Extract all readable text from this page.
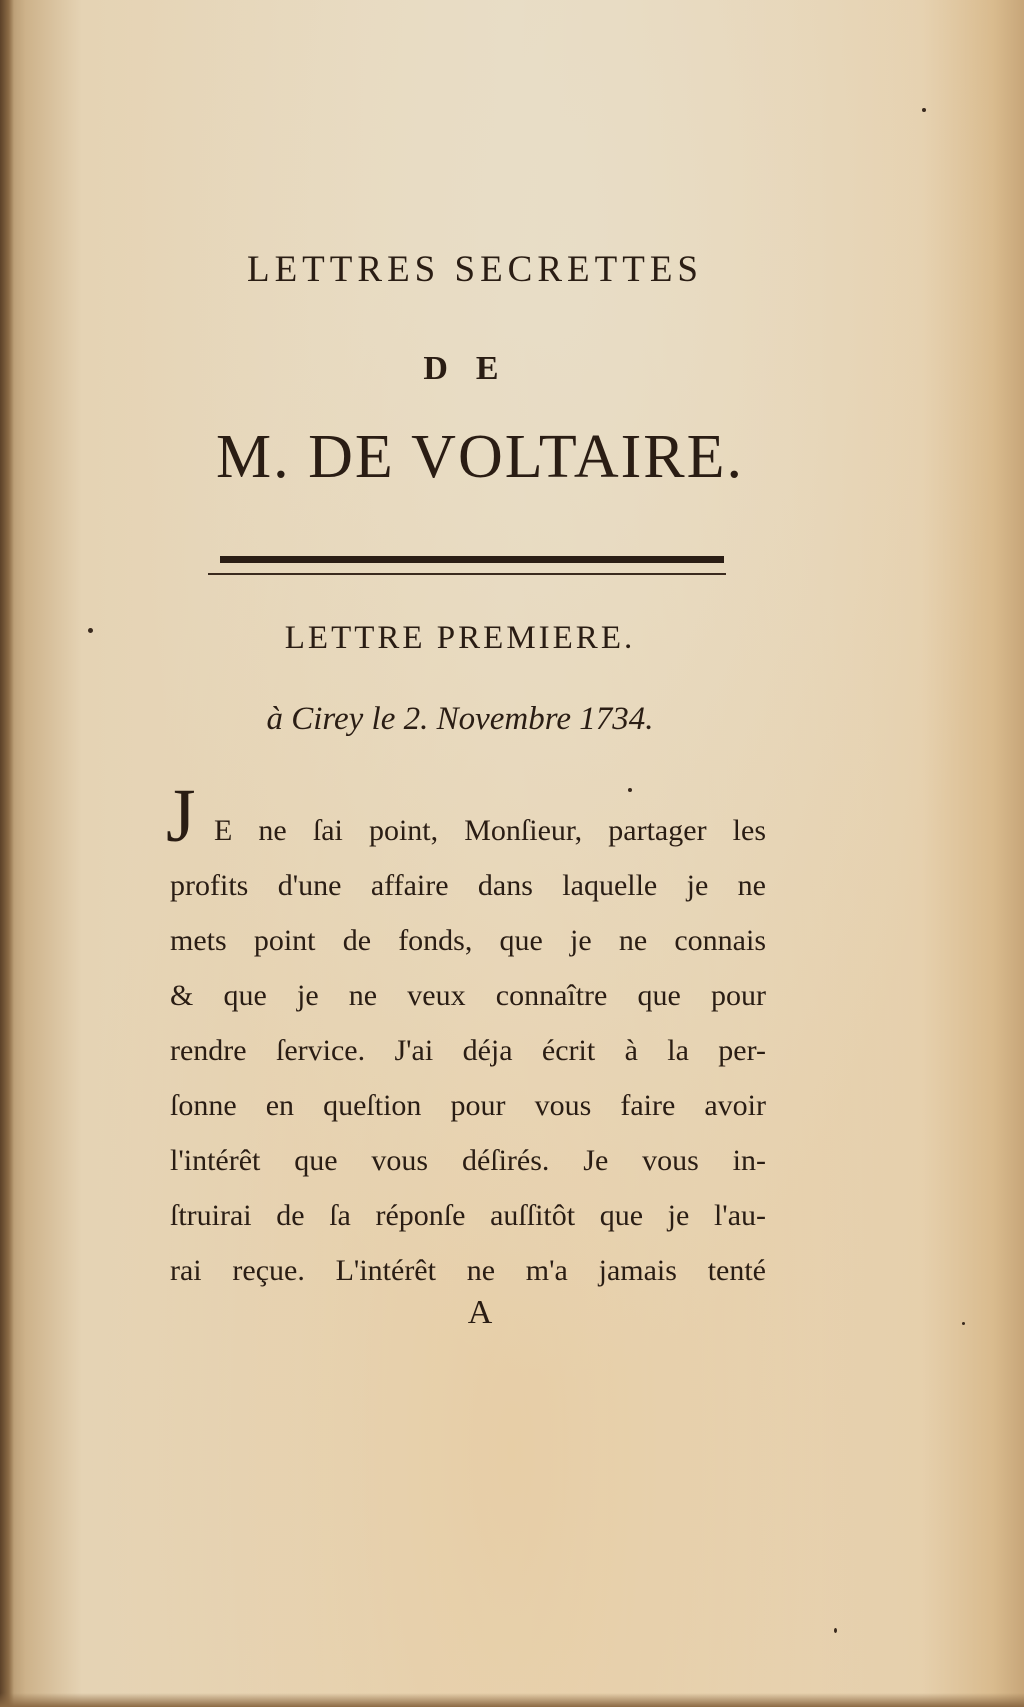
LETTRES SECRETTES
DE
M. DE VOLTAIRE.
LETTRE PREMIERE.
à Cirey le 2. Novembre 1734.
J E ne ſai point, Monſieur, partager les
profits d'une affaire dans laquelle je ne
mets point de fonds, que je ne connais
& que je ne veux connaître que pour
rendre ſervice. J'ai déja écrit à la per-
ſonne en queſtion pour vous faire avoir
l'intérêt que vous déſirés. Je vous in-
ſtruirai de ſa réponſe auſſitôt que je l'au-
rai reçue. L'intérêt ne m'a jamais tenté
A
